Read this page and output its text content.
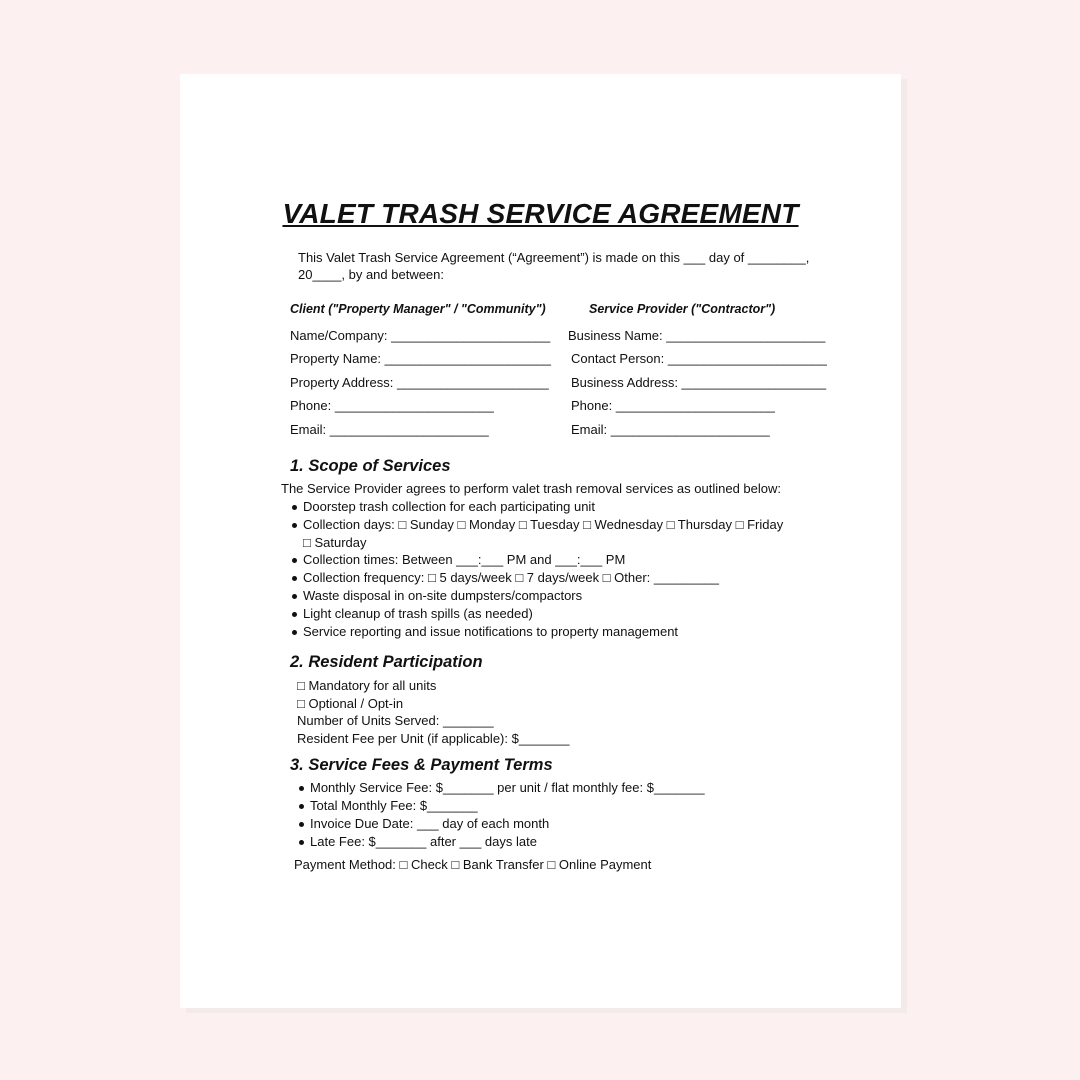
VALET TRASH SERVICE AGREEMENT
This Valet Trash Service Agreement (“Agreement”) is made on this ___ day of ________,
20____, by and between:
Client ("Property Manager" / "Community")
Name/Company: ______________________
Property Name: _______________________
Property Address: _____________________
Phone: ______________________
Email: ______________________
Service Provider ("Contractor")
Business Name: ______________________
Contact Person: ______________________
Business Address: ____________________
Phone: ______________________
Email: ______________________
1. Scope of Services
The Service Provider agrees to perform valet trash removal services as outlined below:
Doorstep trash collection for each participating unit
Collection days: □ Sunday □ Monday □ Tuesday □ Wednesday □ Thursday □ Friday
□ Saturday
Collection times: Between ___:___ PM and ___:___ PM
Collection frequency: □ 5 days/week □ 7 days/week □ Other: _________
Waste disposal in on-site dumpsters/compactors
Light cleanup of trash spills (as needed)
Service reporting and issue notifications to property management
2. Resident Participation
□ Mandatory for all units
□ Optional / Opt-in
Number of Units Served: _______
Resident Fee per Unit (if applicable): $_______
3. Service Fees & Payment Terms
Monthly Service Fee: $_______ per unit / flat monthly fee: $_______
Total Monthly Fee: $_______
Invoice Due Date: ___ day of each month
Late Fee: $_______ after ___ days late
Payment Method: □ Check □ Bank Transfer □ Online Payment
